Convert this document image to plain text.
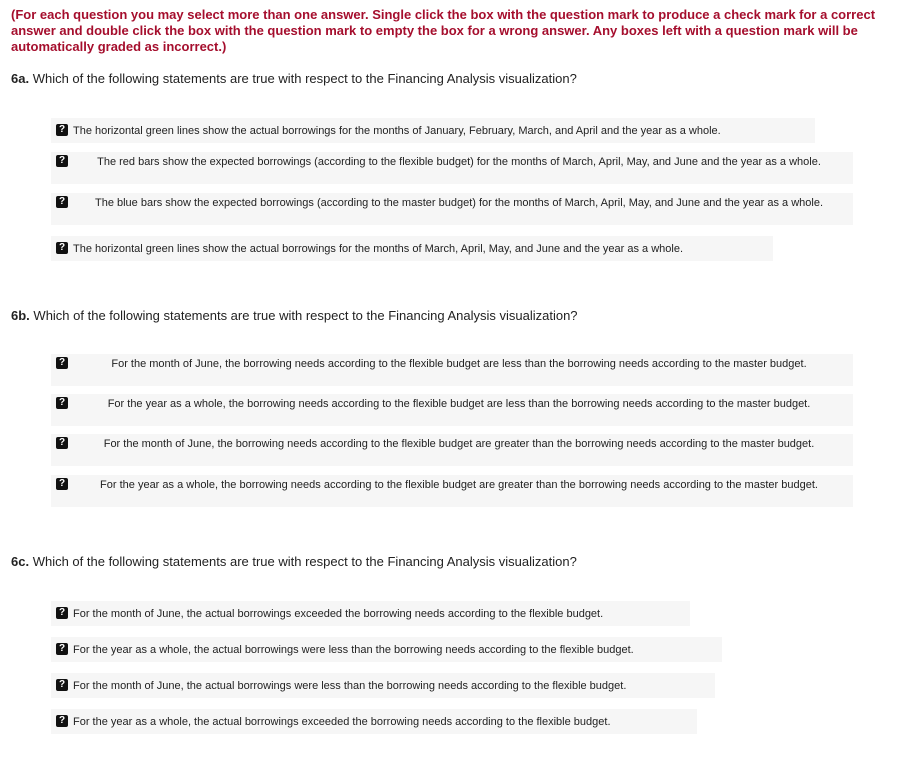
(For each question you may select more than one answer. Single click the box with the question mark to produce a check mark for a correct answer and double click the box with the question mark to empty the box for a wrong answer. Any boxes left with a question mark will be automatically graded as incorrect.)
6a. Which of the following statements are true with respect to the Financing Analysis visualization?
? The horizontal green lines show the actual borrowings for the months of January, February, March, and April and the year as a whole.
?	The red bars show the expected borrowings (according to the flexible budget) for the months of March, April, May, and June and the year as a whole.
?	The blue bars show the expected borrowings (according to the master budget) for the months of March, April, May, and June and the year as a whole.
? The horizontal green lines show the actual borrowings for the months of March, April, May, and June and the year as a whole.
6b. Which of the following statements are true with respect to the Financing Analysis visualization?
?	For the month of June, the borrowing needs according to the flexible budget are less than the borrowing needs according to the master budget.
?	For the year as a whole, the borrowing needs according to the flexible budget are less than the borrowing needs according to the master budget.
?	For the month of June, the borrowing needs according to the flexible budget are greater than the borrowing needs according to the master budget.
?	For the year as a whole, the borrowing needs according to the flexible budget are greater than the borrowing needs according to the master budget.
6c. Which of the following statements are true with respect to the Financing Analysis visualization?
? For the month of June, the actual borrowings exceeded the borrowing needs according to the flexible budget.
? For the year as a whole, the actual borrowings were less than the borrowing needs according to the flexible budget.
? For the month of June, the actual borrowings were less than the borrowing needs according to the flexible budget.
? For the year as a whole, the actual borrowings exceeded the borrowing needs according to the flexible budget.
